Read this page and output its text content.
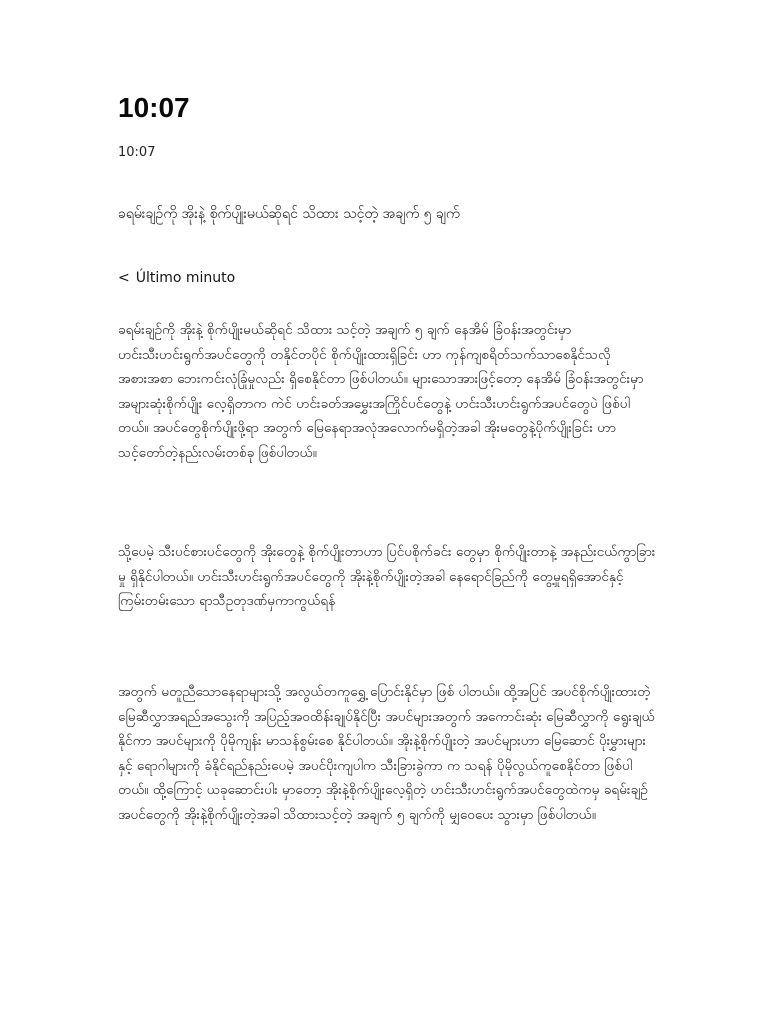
10:07
10:07
ခရမ်းချဉ်ကို အိုးနဲ့ စိုက်ပျိုးမယ်ဆိုရင် သိထား သင့်တဲ့ အချက် ၅ ချက်
< Último minuto

ခရမ်းချဉ်ကို အိုးနဲ့ စိုက်ပျိုးမယ်ဆိုရင် သိထား သင့်တဲ့ အချက် ၅ ချက် နေအိမ် ခြံဝန်းအတွင်းမှာ ဟင်းသီးဟင်းရွက်အပင်တွေကို တနိုင်တပိုင် စိုက်ပျိုးထားရှိခြင်း ဟာ ကုန်ကျစရိတ်သက်သာစေနိုင်သလို အစားအစာ ဘေးကင်းလုံခြုံမှုလည်း ရှိစေနိုင်တာ ဖြစ်ပါတယ်။ များသောအားဖြင့်တော့ နေအိမ် ခြံဝန်းအတွင်းမှာ အများဆုံးစိုက်ပျိုး လေ့ရှိတာက ကဲင် ဟင်းခတ်အမွှေးအကြိုင်ပင်တွေနဲ့ ဟင်းသီးဟင်းရွက်အပင်တွေပဲ ဖြစ်ပါတယ်။ အပင်တွေစိုက်ပျိုးဖို့ရာ အတွက် မြေနေရာအလုံအလောက်မရှိတဲ့အခါ အိုးမတွေနဲ့ပိုက်ပျိုးခြင်း ဟာ သင့်တော်တဲ့နည်းလမ်းတစ်ခု ဖြစ်ပါတယ်။

သို့ပေမဲ့ သီးပင်စားပင်တွေကို အိုးတွေနဲ့ စိုက်ပျိုးတာဟာ ပြင်ပစိုက်ခင်း တွေမှာ စိုက်ပျိုးတာနဲ့ အနည်းငယ်ကွာခြားမှု ရှိနိုင်ပါတယ်။ ဟင်းသီးဟင်းရွက်အပင်တွေကို အိုးနဲ့စိုက်ပျိုးတဲ့အခါ နေရောင်ခြည်ကို တွေ့မှုရရှိအောင်နှင့် ကြမ်းတမ်းသော ရာသီဥတုဒဏ်မှကာကွယ်ရန်

အတွက် မတူညီသောနေရာများသို့ အလွယ်တကူရွှေ့ ပြောင်းနိုင်မှာ ဖြစ် ပါတယ်။ ထို့အပြင် အပင်စိုက်ပျိုးထားတဲ့ မြေဆီလွှာအရည်အသွေးကို အပြည့်အဝထိန်းချုပ်နိုင်ပြီး အပင်များအတွက် အကောင်းဆုံး မြေဆီလွှာကို ရွေးချယ်နိုင်ကာ အပင်များကို ပိုမိုကျန်း မာသန်စွမ်းစေ နိုင်ပါတယ်။ အိုးနဲ့စိုက်ပျိုးတဲ့ အပင်များဟာ မြေဆောင် ပိုးမွှားများနှင့် ရောဂါများကို ခံနိုင်ရည်နည်းပေမဲ့ အပင်ပိုးကျပါက သီးခြားခွဲကာ က သရန် ပိုမိုလွယ်ကူစေနိုင်တာ ဖြစ်ပါတယ်။ ထို့ကြောင့် ယခုဆောင်းပါး မှာတော့ အိုးနဲ့စိုက်ပျိုးလေ့ရှိတဲ့ ဟင်းသီးဟင်းရွက်အပင်တွေထဲကမှ ခရမ်းချဉ်အပင်တွေကို အိုးနဲ့စိုက်ပျိုးတဲ့အခါ သိထားသင့်တဲ့ အချက် ၅ ချက်ကို မျှဝေပေး သွားမှာ ဖြစ်ပါတယ်။
